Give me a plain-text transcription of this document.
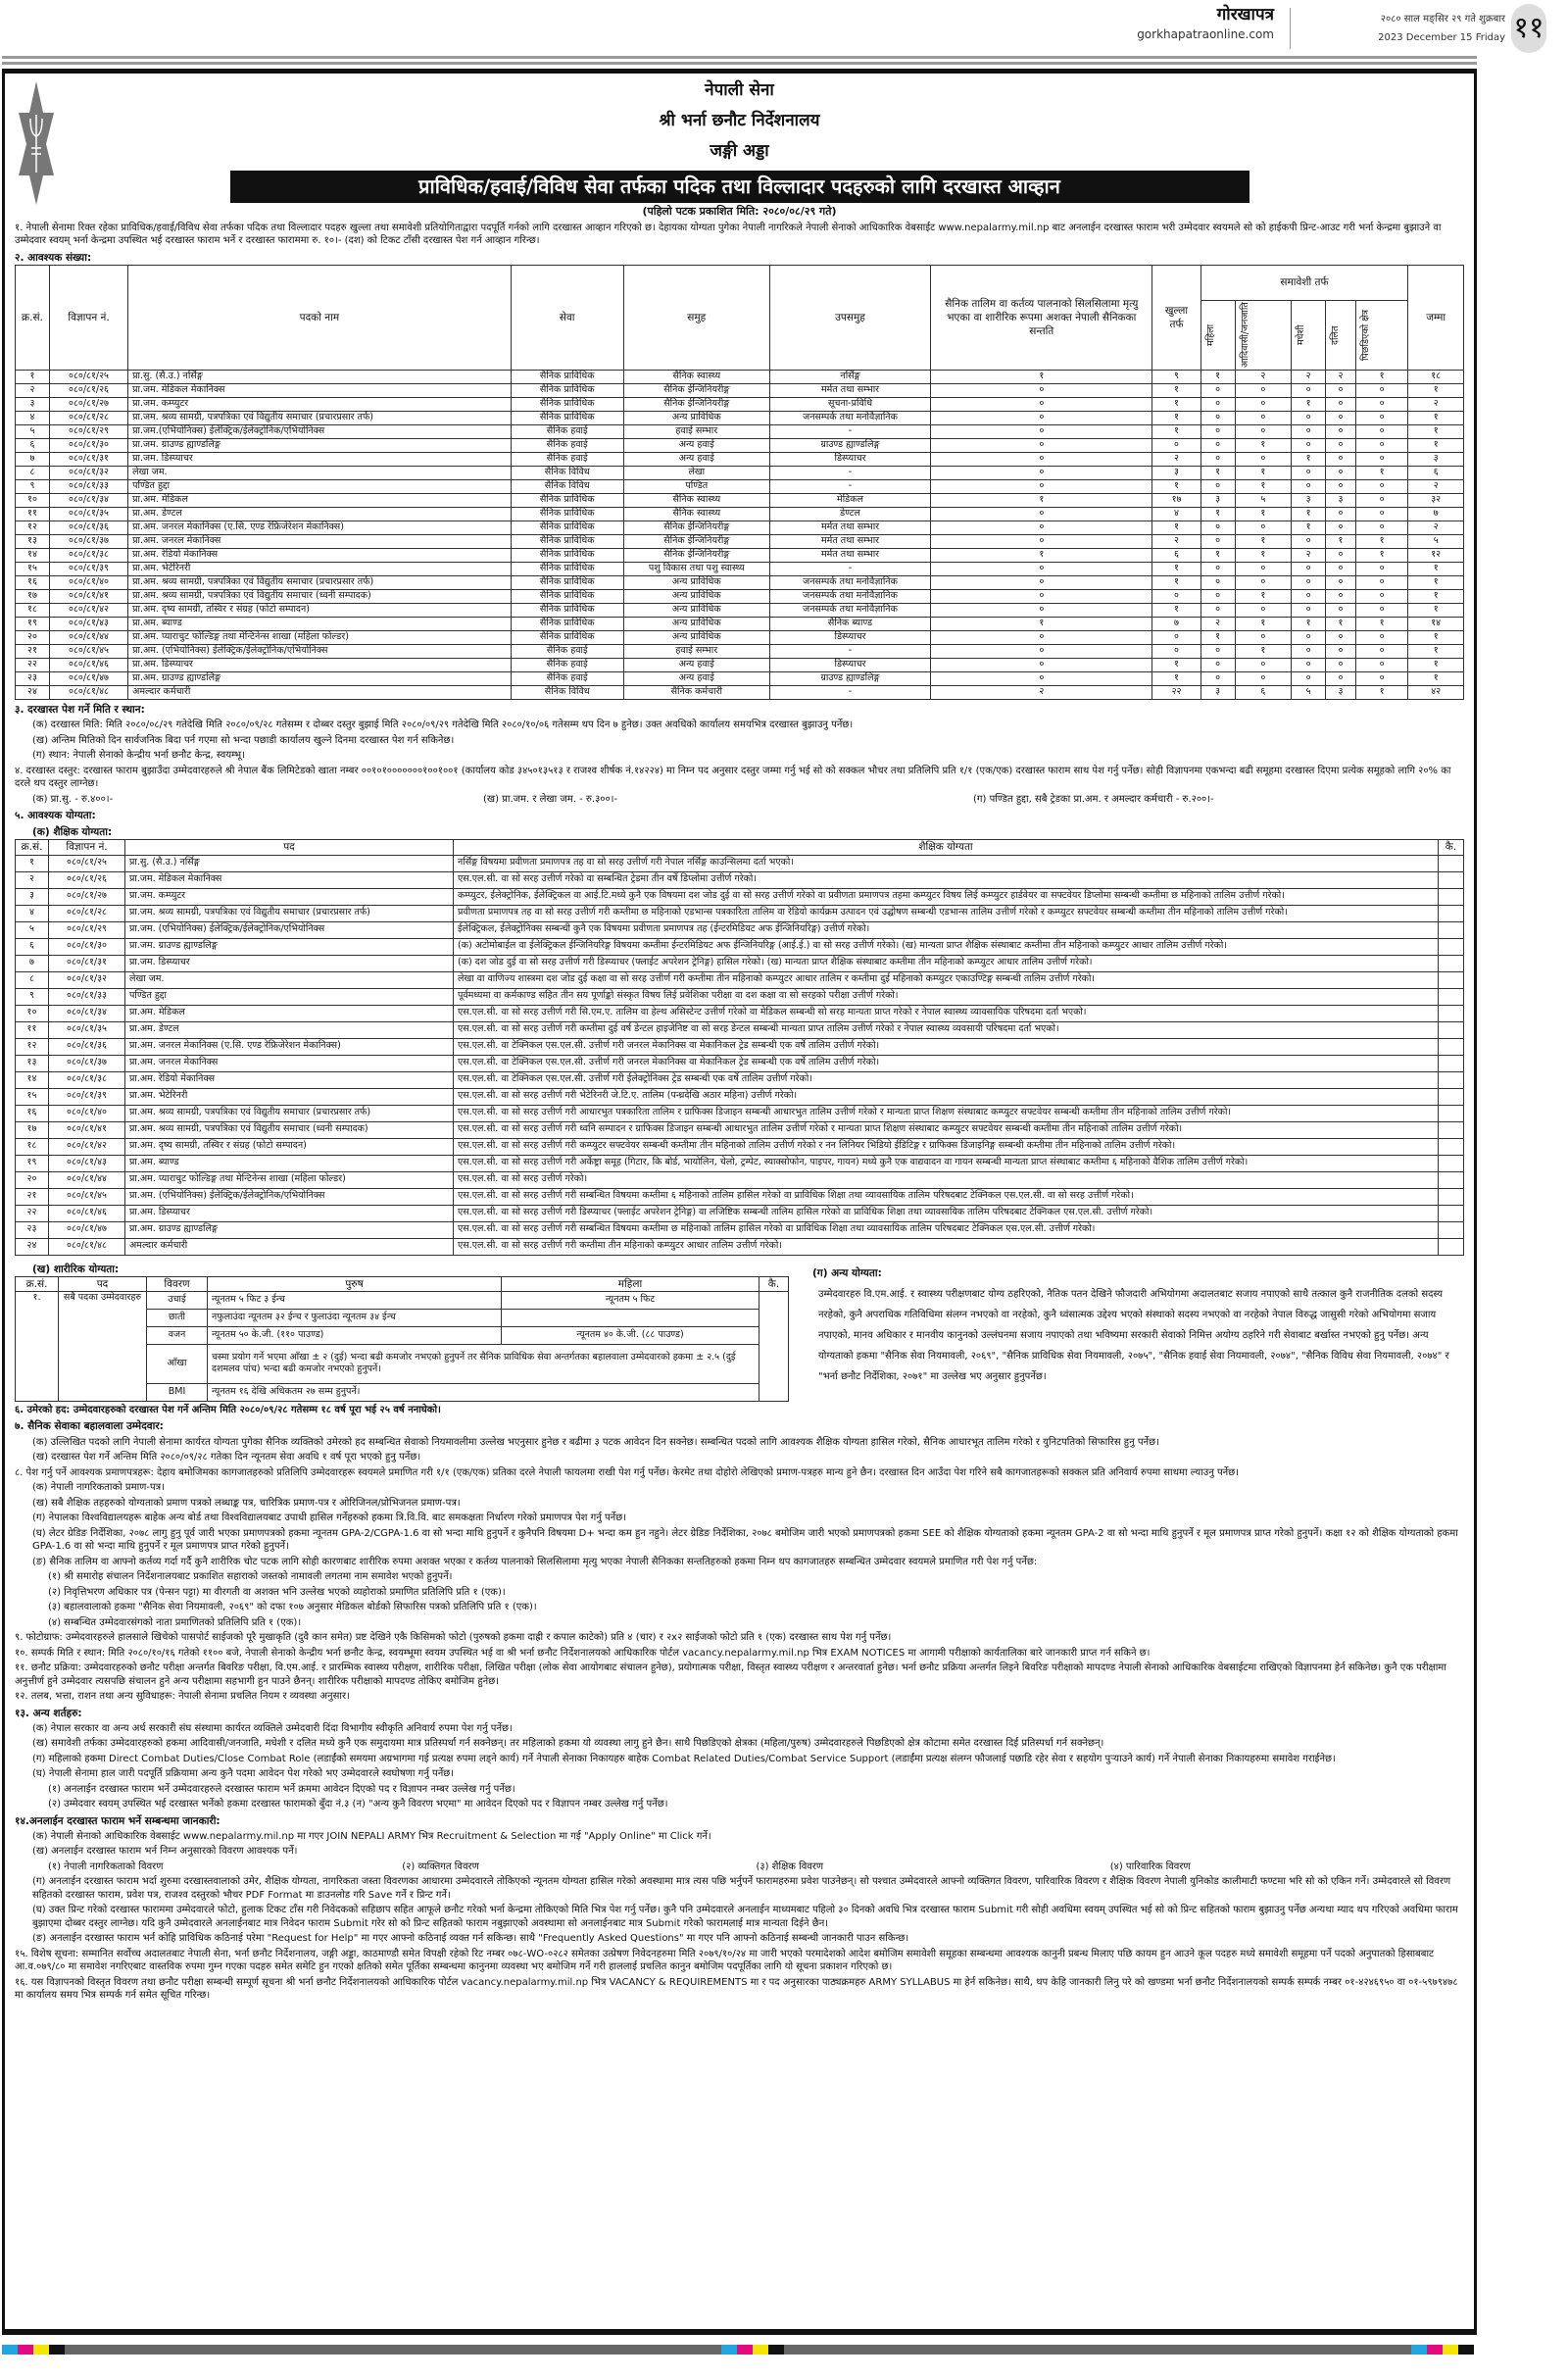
गोरखापत्र
gorkhapatraonline.com
२०८० साल मङ्सिर २९ गते शुक्रबार
2023 December 15 Friday ११
नेपाली सेना
श्री भर्ना छनौट निर्देशनालय
जङ्गी अड्डा
प्राविधिक/हवाई/विविध सेवा तर्फका पदिक तथा विल्लादार पदहरुको लागि दरखास्त आव्हान
(पहिलो पटक प्रकाशित मिति: २०८०/०८/२९ गते)

१. नेपाली सेनामा रिक्त रहेका प्राविधिक/हवाई/विविध सेवा तर्फका पदिक तथा विल्लादार पदहरु खुल्ला तथा समावेशी प्रतियोगिताद्वारा पदपूर्ति गर्नको लागि दरखास्त आव्हान गरिएको छ। देहायका योग्यता पुगेका नेपाली नागरिकले नेपाली सेनाको आधिकारिक वेबसाईट www.nepalarmy.mil.np बाट अनलाईन दरखास्त फाराम भरी उम्मेदवार स्वयमले सो को हाईकपी प्रिन्ट-आउट गरी भर्ना केन्द्रमा बुझाउने वा उम्मेदवार स्वयम् भर्ना केन्द्रमा उपस्थित भई दरखास्त फाराम भर्ने र दरखास्त फाराममा रु. १०।- (दश) को टिकट टाँसी दरखास्त पेश गर्न आव्हान गरिन्छ।

२. आवश्यक संख्या:
क्र.सं.	विज्ञापन नं.	पदको नाम	सेवा	समुह	उपसमुह	सैनिक तालिम वा कर्तव्य पालनाको सिलसिलामा मृत्यु भएका वा शारीरिक रूपमा अशक्त नेपाली सैनिकका सन्तति	खुल्ला तर्फ	समावेशी तर्फ					जम्मा

								महिला	आदिवासी/जनजाति	मधेशी	दलित	पिछडिएको क्षेत्र	

१	०८०/८१/२५	प्रा.सु. (सै.उ.) नर्सिङ्ग	सैनिक प्राविधिक	सैनिक स्वास्थ्य	नर्सिङ्ग	१	९	१	२	२	२	१	१८
२	०८०/८१/२६	प्रा.जम. मेडिकल मेकानिक्स	सैनिक प्राविधिक	सैनिक ईन्जिनियरीङ्ग	मर्मत तथा सम्भार	०	१	०	०	०	०	०	१
३	०८०/८१/२७	प्रा.जम. कम्प्युटर	सैनिक प्राविधिक	सैनिक ईन्जिनियरीङ्ग	सूचना-प्रविधि	०	१	०	०	१	०	०	२
४	०८०/८१/२८	प्रा.जम. श्रव्य सामग्री, पत्रपत्रिका एवं विद्युतीय समाचार (प्रचारप्रसार तर्फ)	सैनिक प्राविधिक	अन्य प्राविधिक	जनसम्पर्क तथा मनोवैज्ञानिक	०	१	०	०	०	०	०	१
५	०८०/८१/२९	प्रा.जम.(एभियोनिक्स) ईलेक्ट्रिक/ईलेक्ट्रोनिक/एभियोनिक्स	सैनिक हवाई	हवाई सम्भार	-	०	१	०	०	०	०	०	१
६	०८०/८१/३०	प्रा.जम. ग्राउण्ड ह्याण्डलिङ्ग	सैनिक हवाई	अन्य हवाई	ग्राउण्ड ह्याण्डलिङ्ग	०	०	०	१	०	०	०	१
७	०८०/८१/३१	प्रा.जम. डिस्प्याचर	सैनिक हवाई	अन्य हवाई	डिस्प्याचर	०	२	०	०	१	०	०	३
८	०८०/८१/३२	लेखा जम.	सैनिक विविध	लेखा	-	०	३	१	१	०	०	१	६
९	०८०/८१/३३	पण्डित हुद्दा	सैनिक विविध	पण्डित	-	०	१	०	१	०	०	०	२
१०	०८०/८१/३४	प्रा.अम. मेडिकल	सैनिक प्राविधिक	सैनिक स्वास्थ्य	मेडिकल	१	१७	३	५	३	३	०	३२
११	०८०/८१/३५	प्रा.अम. डेण्टल	सैनिक प्राविधिक	सैनिक स्वास्थ्य	डेण्टल	०	४	१	१	१	०	०	७
१२	०८०/८१/३६	प्रा.अम. जनरल मेकानिक्स (ए.सि. एण्ड रेफ्रिजेरेशन मेकानिक्स)	सैनिक प्राविधिक	सैनिक ईन्जिनियरीङ्ग	मर्मत तथा सम्भार	०	१	०	०	१	०	०	२
१३	०८०/८१/३७	प्रा.अम. जनरल मेकानिक्स	सैनिक प्राविधिक	सैनिक ईन्जिनियरीङ्ग	मर्मत तथा सम्भार	०	२	०	१	०	१	१	५
१४	०८०/८१/३८	प्रा.अम. रेडियो मेकानिक्स	सैनिक प्राविधिक	सैनिक ईन्जिनियरीङ्ग	मर्मत तथा सम्भार	१	६	१	१	२	०	१	१२
१५	०८०/८१/३९	प्रा.अम. भेटेरिनरी	सैनिक प्राविधिक	पशु विकास तथा पशु स्वास्थ्य	-	०	१	०	०	०	०	०	१
१६	०८०/८१/४०	प्रा.अम. श्रव्य सामग्री, पत्रपत्रिका एवं विद्युतीय समाचार (प्रचारप्रसार तर्फ)	सैनिक प्राविधिक	अन्य प्राविधिक	जनसम्पर्क तथा मनोवैज्ञानिक	०	१	०	०	०	०	०	१
१७	०८०/८१/४१	प्रा.अम. श्रव्य सामग्री, पत्रपत्रिका एवं विद्युतीय समाचार (ध्वनी सम्पादक)	सैनिक प्राविधिक	अन्य प्राविधिक	जनसम्पर्क तथा मनोवैज्ञानिक	०	०	०	१	०	०	०	१
१८	०८०/८१/४२	प्रा.अम. दृष्य सामग्री, तस्विर र संग्रह (फोटो सम्पादन)	सैनिक प्राविधिक	अन्य प्राविधिक	जनसम्पर्क तथा मनोवैज्ञानिक	०	१	०	०	०	०	०	१
१९	०८०/८१/४३	प्रा.अम. ब्याण्ड	सैनिक प्राविधिक	अन्य प्राविधिक	सैनिक ब्याण्ड	१	७	२	१	१	१	१	१४
२०	०८०/८१/४४	प्रा.अम. प्याराचुट फोल्डिङ्ग तथा मेन्टिनेन्स शाखा (महिला फोल्डर)	सैनिक प्राविधिक	अन्य प्राविधिक	डिस्प्याचर	०	०	१	०	०	०	०	१
२१	०८०/८१/४५	प्रा.अम. (एभियोनिक्स) ईलेक्ट्रिक/ईलेक्ट्रोनिक/एभियोनिक्स	सैनिक हवाई	हवाई सम्भार	-	०	०	०	१	०	०	०	१
२२	०८०/८१/४६	प्रा.अम. डिस्प्याचर	सैनिक हवाई	अन्य हवाई	डिस्प्याचर	०	१	०	०	०	०	०	१
२३	०८०/८१/४७	प्रा.अम. ग्राउण्ड ह्याण्डलिङ्ग	सैनिक हवाई	अन्य हवाई	ग्राउण्ड ह्याण्डलिङ्ग	०	१	०	०	०	०	०	१
२४	०८०/८१/४८	अमल्दार कर्मचारी	सैनिक विविध	सैनिक कर्मचारी	-	२	२२	३	६	५	३	१	४२
३. दरखास्त पेश गर्ने मिति र स्थान:

(क) दरखास्त मिति: मिति २०८०/०८/२९ गतेदेखि मिति २०८०/०९/२८ गतेसम्म र दोब्बर दस्तुर बुझाई मिति २०८०/०९/२९ गतेदेखि मिति २०८०/१०/०६ गतेसम्म थप दिन ७ हुनेछ। उक्त अवधिको कार्यालय समयभित्र दरखास्त बुझाउनु पर्नेछ।

(ख) अन्तिम मितिको दिन सार्वजनिक बिदा पर्न गएमा सो भन्दा पछाडी कार्यालय खुल्ने दिनमा दरखास्त पेश गर्न सकिनेछ।

(ग) स्थान: नेपाली सेनाको केन्द्रीय भर्ना छनौट केन्द्र, स्वयम्भू।

४. दरखास्त दस्तुर: दरखास्त फाराम बुझाउँदा उम्मेदवारहरुले श्री नेपाल बैंक लिमिटेडको खाता नम्बर ००१०१०००००००१००१००१ (कार्यालय कोड ३४५०१३५१३ र राजश्व शीर्षक नं.१४२२४) मा निम्न पद अनुसार दस्तुर जम्मा गर्नु भई सो को सक्कल भौचर तथा प्रतिलिपि प्रति १/१ (एक/एक) दरखास्त फाराम साथ पेश गर्नु पर्नेछ। सोही विज्ञापनमा एकभन्दा बढी समूहमा दरखास्त दिएमा प्रत्येक समूहको लागि २०% का दरले थप दस्तुर लाग्नेछ।

(क) प्रा.सु. - रु.४००।-	(ख) प्रा.जम. र लेखा जम. - रु.३००।-	(ग) पण्डित हुद्दा, सबै ट्रेडका प्रा.अम. र अमल्दार कर्मचारी - रु.२००।-
५. आवश्यक योग्यता:
(क) शैक्षिक योग्यता:
क्र.सं.	विज्ञापन नं.	पद	शैक्षिक योग्यता	कै.
१	०८०/८१/२५	प्रा.सु. (सै.उ.) नर्सिङ्ग	नर्सिङ्ग विषयमा प्रवीणता प्रमाणपत्र तह वा सो सरह उत्तीर्ण गरी नेपाल नर्सिङ्ग काउन्सिलमा दर्ता भएको।	
२	०८०/८१/२६	प्रा.जम. मेडिकल मेकानिक्स	एस.एल.सी. वा सो सरह उत्तीर्ण गरेको वा सम्बन्धित ट्रेडमा तीन वर्षे डिप्लोमा उत्तीर्ण गरेको।	
३	०८०/८१/२७	प्रा.जम. कम्प्युटर	कम्प्युटर, ईलेक्ट्रोनिक, ईलेक्ट्रिकल वा आई.टि.मध्ये कुनै एक विषयमा दश जोड दुई वा सो सरह उत्तीर्ण गरेको वा प्रवीणता प्रमाणपत्र तहमा कम्प्युटर विषय लिई कम्प्युटर हार्डवेयर वा सफ्टवेयर डिप्लोमा सम्बन्धी कम्तीमा छ महिनाको तालिम उत्तीर्ण गरेको।	
४	०८०/८१/२८	प्रा.जम. श्रव्य सामग्री, पत्रपत्रिका एवं विद्युतीय समाचार (प्रचारप्रसार तर्फ)	प्रवीणता प्रमाणपत्र तह वा सो सरह उत्तीर्ण गरी कम्तीमा छ महिनाको एडभान्स पत्रकारिता तालिम वा रेडियो कार्यक्रम उत्पादन एवं उद्घोषण सम्बन्धी एडभान्स तालिम उत्तीर्ण गरेको र कम्प्युटर सफ्टवेयर सम्बन्धी कम्तीमा तीन महिनाको तालिम उत्तीर्ण गरेको।	
५	०८०/८१/२९	प्रा.जम. (एभियोनिक्स) ईलेक्ट्रिक/ईलेक्ट्रोनिक/एभियोनिक्स	ईलेक्ट्रिकल, ईलेक्ट्रोनिक्स सम्बन्धी कुनै एक विषयमा प्रवीणता प्रमाणपत्र तह (ईन्टरमिडियट अफ ईन्जिनियरिङ्ग) उत्तीर्ण गरेको।	
६	०८०/८१/३०	प्रा.जम. ग्राउण्ड ह्याण्डलिङ्ग	(क) अटोमोबाईल वा ईलेक्ट्रिकल ईन्जिनियरिङ्ग विषयमा कम्तीमा ईन्टरमिडियट अफ ईन्जिनियरिङ्ग (आई.ई.) वा सो सरह उत्तीर्ण गरेको। (ख) मान्यता प्राप्त शैक्षिक संस्थाबाट कम्तीमा तीन महिनाको कम्प्युटर आधार तालिम उत्तीर्ण गरेको।	
७	०८०/८१/३१	प्रा.जम. डिस्प्याचर	(क) दश जोड दुई वा सो सरह उत्तीर्ण गरी डिस्प्याचर (फ्लाईट अपरेशन ट्रेनिङ्ग) हासिल गरेको। (ख) मान्यता प्राप्त शैक्षिक संस्थाबाट कम्तीमा तीन महिनाको कम्प्युटर आधार तालिम उत्तीर्ण गरेको।	
८	०८०/८१/३२	लेखा जम.	लेखा वा वाणिज्य शास्त्रमा दश जोड दुई कक्षा वा सो सरह उत्तीर्ण गरी कम्तीमा तीन महिनाको कम्प्युटर आधार तालिम र कम्तीमा दुई महिनाको कम्प्युटर एकाउण्टिङ्ग सम्बन्धी तालिम उत्तीर्ण गरेको।	
९	०८०/८१/३३	पण्डित हुद्दा	पूर्वमध्यमा वा कर्मकाण्ड सहित तीन सय पूर्णाङ्को संस्कृत विषय लिई प्रवेशिका परीक्षा वा दश कक्षा वा सो सरहको परीक्षा उत्तीर्ण गरेको।	
१०	०८०/८१/३४	प्रा.अम. मेडिकल	एस.एल.सी. वा सो सरह उत्तीर्ण गरी सि.एम.ए. तालिम वा हेल्थ असिस्टेन्ट उत्तीर्ण गरेको वा मेडिकल सम्बन्धी सो सरह मान्यता प्राप्त गरेको र नेपाल स्वास्थ्य व्यावसायिक परिषदमा दर्ता भएको।	
११	०८०/८१/३५	प्रा.अम. डेण्टल	एस.एल.सी. वा सो सरह उत्तीर्ण गरी कम्तीमा दुई वर्ष डेन्टल हाइजेनिष्ट वा सो सरह डेन्टल सम्बन्धी मान्यता प्राप्त तालिम उत्तीर्ण गरेको र नेपाल स्वास्थ्य व्यवसायी परिषदमा दर्ता भएको।	
१२	०८०/८१/३६	प्रा.अम. जनरल मेकानिक्स (ए.सि. एण्ड रेफ्रिजेरेशन मेकानिक्स)	एस.एल.सी. वा टेक्निकल एस.एल.सी. उत्तीर्ण गरी जनरल मेकानिक्स वा मेकानिकल ट्रेड सम्बन्धी एक वर्षे तालिम उत्तीर्ण गरेको।	
१३	०८०/८१/३७	प्रा.अम. जनरल मेकानिक्स	एस.एल.सी. वा टेक्निकल एस.एल.सी. उत्तीर्ण गरी जनरल मेकानिक्स वा मेकानिकल ट्रेड सम्बन्धी एक वर्षे तालिम उत्तीर्ण गरेको।	
१४	०८०/८१/३८	प्रा.अम. रेडियो मेकानिक्स	एस.एल.सी. वा टेक्निकल एस.एल.सी. उत्तीर्ण गरी ईलेक्ट्रोनिक्स ट्रेड सम्बन्धी एक वर्षे तालिम उत्तीर्ण गरेको।	
१५	०८०/८१/३९	प्रा.अम. भेटेरिनरी	एस.एल.सी. वा सो सरह उत्तीर्ण गरी भेटेरिनरी जे.टि.ए. तालिम (पन्ध्रदेखि अठार महिना) उत्तीर्ण गरेको।	
१६	०८०/८१/४०	प्रा.अम. श्रव्य सामग्री, पत्रपत्रिका एवं विद्युतीय समाचार (प्रचारप्रसार तर्फ)	एस.एल.सी. वा सो सरह उत्तीर्ण गरी आधारभुत पत्रकारिता तालिम र ग्राफिक्स डिजाइन सम्बन्धी आधारभुत तालिम उत्तीर्ण गरेको र मान्यता प्राप्त शिक्षण संस्थाबाट कम्प्युटर सफ्टवेयर सम्बन्धी कम्तीमा तीन महिनाको तालिम उत्तीर्ण गरेको।	
१७	०८०/८१/४१	प्रा.अम. श्रव्य सामग्री, पत्रपत्रिका एवं विद्युतीय समाचार (ध्वनी सम्पादक)	एस.एल.सी. वा सो सरह उत्तीर्ण गरी ध्वनि सम्पादन र ग्राफिक्स डिजाइन सम्बन्धी आधारभुत तालिम उत्तीर्ण गरेको र मान्यता प्राप्त शिक्षण संस्थाबाट कम्प्युटर सफ्टवेयर सम्बन्धी कम्तीमा तीन महिनाको तालिम उत्तीर्ण गरेको।	
१८	०८०/८१/४२	प्रा.अम. दृष्य सामग्री, तस्विर र संग्रह (फोटो सम्पादन)	एस.एल.सी. वा सो सरह उत्तीर्ण गरी कम्प्युटर सफ्टवेयर सम्बन्धी कम्तीमा तीन महिनाको तालिम उत्तीर्ण गरेको र नन लिनियर भिडियो ईडिटिङ्ग र ग्राफिक्स डिजाइनिङ्ग सम्बन्धी कम्तीमा तीन महिनाको तालिम उत्तीर्ण गरेको।	
१९	०८०/८१/४३	प्रा.अम. ब्याण्ड	एस.एल.सी. वा सो सरह उत्तीर्ण गरी अर्केष्ट्रा समूह (गिटार, कि बोर्ड, भायोलिन, चेलो, ट्रम्पेट, स्याक्सोफोन, पाइपर, गायन) मध्ये कुनै एक वाद्यवादन वा गायन सम्बन्धी मान्यता प्राप्त संस्थाबाट कम्तीमा ६ महिनाको वैशिक तालिम उत्तीर्ण गरेको।	
२०	०८०/८१/४४	प्रा.अम. प्याराचुट फोल्डिङ्ग तथा मेन्टिनेन्स शाखा (महिला फोल्डर)	एस.एल.सी. वा सो सरह उत्तीर्ण गरेको।	
२१	०८०/८१/४५	प्रा.अम. (एभियोनिक्स) ईलेक्ट्रिक/ईलेक्ट्रोनिक/एभियोनिक्स	एस.एल.सी. वा सो सरह उत्तीर्ण गरी सम्बन्धित विषयमा कम्तीमा ६ महिनाको तालिम हासिल गरेको वा प्राविधिक शिक्षा तथा व्यावसायिक तालिम परिषदबाट टेक्निकल एस.एल.सी. वा सो सरह उत्तीर्ण गरेको।	
२२	०८०/८१/४६	प्रा.अम. डिस्प्याचर	एस.एल.सी. वा सो सरह उत्तीर्ण गरी डिस्प्याचर (फ्लाईट अपरेशन ट्रेनिङ्ग) वा लजिष्टिक सम्बन्धी तालिम हासिल गरेको वा प्राविधिक शिक्षा तथा व्यावसायिक तालिम परिषदबाट टेक्निकल एस.एल.सी. उत्तीर्ण गरेको।	
२३	०८०/८१/४७	प्रा.अम. ग्राउण्ड ह्याण्डलिङ्ग	एस.एल.सी. वा सो सरह उत्तीर्ण गरी सम्बन्धित विषयमा कम्तीमा छ महिनाको तालिम हासिल गरेको वा प्राविधिक शिक्षा तथा व्यावसायिक तालिम परिषदबाट टेक्निकल एस.एल.सी. उत्तीर्ण गरेको।	
२४	०८०/८१/४८	अमल्दार कर्मचारी	एस.एल.सी. वा सो सरह उत्तीर्ण गरी कम्तीमा तीन महिनाको कम्प्युटर आधार तालिम उत्तीर्ण गरेको।	
(ख) शारीरिक योग्यता:
क्र.सं.	पद	विवरण	पुरुष	महिला	कै.
१.	सबै पदका उम्मेदवारहरु	उचाई	न्यूनतम ५ फिट ३ ईन्च	न्यूनतम ५ फिट	
		छाती	नफुलाउंदा न्यूनतम ३२ ईन्च र फुलाउंदा न्यूनतम ३४ ईन्च		
		वजन	न्यूनतम ५० के.जी. (११० पाउण्ड)	न्यूनतम ४० के.जी. (८८ पाउण्ड)	
		आँखा	चस्मा प्रयोग गर्ने भएमा आँखा ± २ (दुई) भन्दा बढी कमजोर नभएको हुनुपर्ने तर सैनिक प्राविधिक सेवा अन्तर्गतका बहालवाला उम्मेदवारको हकमा ± २.५ (दुई दशमलव पांच) भन्दा बढी कमजोर नभएको हुनुपर्ने।		
		BMI	न्यूनतम १६ देखि अधिकतम २७ सम्म हुनुपर्ने।		
(ग) अन्य योग्यता:

उम्मेदवारहरु वि.एम.आई. र स्वास्थ्य परीक्षणबाट योग्य ठहरिएको, नैतिक पतन देखिने फौजदारी अभियोगमा अदालतबाट सजाय नपाएको साथै तत्काल कुनै राजनीतिक दलको सदस्य नरहेको, कुनै अपराधिक गतिविधिमा संलग्न नभएको वा नरहेको, कुनै ध्वंसात्मक उद्देश्य भएको संस्थाको सदस्य नभएको वा नरहेको नेपाल विरुद्ध जासुसी गरेको अभियोगमा सजाय नपाएको, मानव अधिकार र मानवीय कानुनको उल्लंघनमा सजाय नपाएको तथा भविष्यमा सरकारी सेवाको निमित्त अयोग्य ठहरिने गरी सेवाबाट बर्खास्त नभएको हुनु पर्नेछ। अन्य योग्यताको हकमा "सैनिक सेवा नियमावली, २०६९", "सैनिक प्राविधिक सेवा नियमावली, २०७५", "सैनिक हवाई सेवा नियमावली, २०७४", "सैनिक विविध सेवा नियमावली, २०७४" र "भर्ना छनौट निर्देशिका, २०७१" मा उल्लेख भए अनुसार हुनुपर्नेछ।

६. उमेरको हद: उम्मेदवारहरुको दरखास्त पेश गर्ने अन्तिम मिति २०८०/०९/२८ गतेसम्म १८ वर्ष पूरा भई २५ वर्ष ननाघेको।

७. सैनिक सेवाका बहालवाला उम्मेदवार:

(क) उल्लिखित पदको लागि नेपाली सेनामा कार्यरत योग्यता पुगेका सैनिक व्यक्तिको उमेरको हद सम्बन्धित सेवाको नियमावलीमा उल्लेख भएनुसार हुनेछ र बढीमा ३ पटक आवेदन दिन सक्नेछ। सम्बन्धित पदको लागि आवश्यक शैक्षिक योग्यता हासिल गरेको, सैनिक आधारभूत तालिम गरेको र युनिटपतिको सिफारिस हुनु पर्नेछ।

(ख) दरखास्त पेश गर्ने अन्तिम मिति २०८०/०९/२८ गतेका दिन न्यूनतम सेवा अवधि १ वर्ष पूरा भएको हुनु पर्नेछ।

८. पेश गर्नु पर्ने आवश्यक प्रमाणपत्रहरू: देहाय बमोजिमका कागजातहरुको प्रतिलिपि उम्मेदवारहरू स्वयमले प्रमाणित गरी १/१ (एक/एक) प्रतिका दरले नेपाली फायलमा राखी पेश गर्नु पर्नेछ। केरमेट तथा दोहोरो लेखिएको प्रमाण-पत्रहरु मान्य हुने छैन। दरखास्त दिन आउँदा पेश गरिने सबै कागजातहरूको सक्कल प्रति अनिवार्य रुपमा साथमा ल्याउनु पर्नेछ।

(क) नेपाली नागरिकताको प्रमाण-पत्र।

(ख) सबै शैक्षिक तहहरुको योग्यताको प्रमाण पत्रको लब्धाङ्क पत्र, चारित्रिक प्रमाण-पत्र र ओरिजिनल/प्रोभिजनल प्रमाण-पत्र।

(ग) नेपालका विश्वविद्यालयहरू बाहेक अन्य बोर्ड तथा विश्वविद्यालयबाट उपाधी हासिल गर्नेहरुको हकमा त्रि.वि.वि. बाट समकक्षता निर्धारण गरेको प्रमाणपत्र पेश गर्नु पर्नेछ।

(घ) लेटर ग्रेडिङ निर्देशिका, २०७८ लागु हुनु पूर्व जारी भएका प्रमाणपत्रको हकमा न्यूनतम GPA-2/CGPA-1.6 वा सो भन्दा माथि हुनुपर्ने र कुनैपनि विषयमा D+ भन्दा कम हुन नहुने। लेटर ग्रेडिङ निर्देशिका, २०७८ बमोजिम जारी भएको प्रमाणपत्रको हकमा SEE को शैक्षिक योग्यताको हकमा न्यूनतम GPA-2 वा सो भन्दा माथि हुनुपर्ने र मूल प्रमाणपत्र प्राप्त गरेको हुनुपर्ने। कक्षा १२ को शैक्षिक योग्यताको हकमा GPA-1.6 वा सो भन्दा माथि हुनुपर्ने र मूल प्रमाणपत्र प्राप्त गरेको हुनुपर्ने।

(ङ) सैनिक तालिम वा आफ्नो कर्तव्य गर्दा गर्दै कुनै शारीरिक चोट पटक लागि सोही कारणबाट शारीरिक रुपमा अशक्त भएका र कर्तव्य पालनाको सिलसिलामा मृत्यु भएका नेपाली सैनिकका सन्ततिहरुको हकमा निम्न थप कागजातहरु सम्बन्धित उम्मेदवार स्वयमले प्रमाणित गरी पेश गर्नु पर्नेछ:

(१) श्री समारोह संचालन निर्देशनालयबाट प्रकाशित सहाराको जस्तको नामावली लगतमा नाम समावेश भएको हुनुपर्ने।

(२) निवृत्तिभरण अधिकार पत्र (पेन्सन पट्टा) मा वीरगती वा अशक्त भनि उल्लेख भएको व्यहोराको प्रमाणित प्रतिलिपि प्रति १ (एक)।

(३) बहालवालाको हकमा "सैनिक सेवा नियमावली, २०६९" को दफा १०७ अनुसार मेडिकल बोर्डको सिफारिस पत्रको प्रतिलिपि प्रति १ (एक)।

(४) सम्बन्धित उम्मेदवारसंगको नाता प्रमाणितको प्रतिलिपि प्रति १ (एक)।

९. फोटोग्राफ: उम्मेदवारहरुले हालसाले खिचेको पासपोर्ट साईजको पूरै मुखाकृति (दुवै कान समेत) प्रष्ट देखिने एकै किसिमको फोटो (पुरुषको हकमा दाह्री र कपाल काटेको) प्रति ४ (चार) र २x२ साईजको फोटो प्रति १ (एक) दरखास्त साथ पेश गर्नु पर्नेछ।

१०. सम्पर्क मिति र स्थान: मिति २०८०/१०/१६ गतेको ११०० बजे, नेपाली सेनाको केन्द्रीय भर्ना छनौट केन्द्र, स्वयम्भूमा स्वयम उपस्थित भई वा श्री भर्ना छनौट निर्देशनालयको आधिकारिक पोर्टल vacancy.nepalarmy.mil.np भित्र EXAM NOTICES मा आगामी परीक्षाको कार्यतालिका बारे जानकारी प्राप्त गर्न सकिने छ।

११. छनौट प्रक्रिया: उम्मेदवारहरुको छनौट परीक्षा अन्तर्गत बिवरिङ परीक्षा, वि.एम.आई. र प्रारम्भिक स्वास्थ्य परीक्षण, शारीरिक परीक्षा, लिखित परीक्षा (लोक सेवा आयोगबाट संचालन हुनेछ), प्रयोगात्मक परीक्षा, विस्तृत स्वास्थ्य परीक्षण र अन्तरवार्ता हुनेछ। भर्ना छनौट प्रक्रिया अन्तर्गत लिइने बिवरिङ परीक्षाको मापदण्ड नेपाली सेनाको आधिकारिक वेबसाईटमा राखिएको विज्ञापनमा हेर्न सकिनेछ। कुनै एक परीक्षामा अनुत्तीर्ण हुने उम्मेदवार त्यसपछि संचालन हुने अन्य परीक्षामा सहभागी हुन पाउने छैनन्। शारीरिक परीक्षाको मापदण्ड तोकिए बमोजिम हुनेछ।

१२. तलब, भत्ता, राशन तथा अन्य सुविधाहरू: नेपाली सेनामा प्रचलित नियम र व्यवस्था अनुसार।

१३. अन्य शर्तहरु:

(क) नेपाल सरकार वा अन्य अर्ध सरकारी संघ संस्थामा कार्यरत व्यक्तिले उम्मेदवारी दिंदा विभागीय स्वीकृति अनिवार्य रुपमा पेश गर्नु पर्नेछ।

(ख) समावेशी तर्फका उम्मेदवारहरुको हकमा आदिवासी/जनजाति, मधेशी र दलित मध्ये कुनै एक समुदायमा मात्र प्रतिस्पर्धा गर्न सक्नेछन्। तर महिलाको हकमा यो व्यवस्था लागु हुने छैन। साथै पिछडिएको क्षेत्रका (महिला/पुरुष) उम्मेदवारहरुले पिछडिएको क्षेत्र कोटामा समेत दरखास्त दिई प्रतिस्पर्धा गर्न सक्नेछन्।

(ग) महिलाको हकमा Direct Combat Duties/Close Combat Role (लडाईंको समयमा अग्रभागमा गई प्रत्यक्ष रुपमा लड्ने कार्य) गर्ने नेपाली सेनाका निकायहरु बाहेक Combat Related Duties/Combat Service Support (लडाईंमा प्रत्यक्ष संलग्न फौजलाई पछाडि रहेर सेवा र सहयोग पुर्‍याउने कार्य) गर्ने नेपाली सेनाका निकायहरुमा समावेश गराईनेछ।

(घ) नेपाली सेनामा हाल जारी पदपूर्ति प्रक्रियामा अन्य कुनै पदमा आवेदन पेश गरेको भए उम्मेदवारले स्वघोषणा गर्नु पर्नेछ।

(१) अनलाईन दरखास्त फाराम भर्ने उम्मेदवारहरुले दरखास्त फाराम भर्ने क्रममा आवेदन दिएको पद र विज्ञापन नम्बर उल्लेख गर्नु पर्नेछ।

(२) उम्मेदवार स्वयम् उपस्थित भई दरखास्त भर्नेको हकमा दरखास्त फारामको बुँदा नं.३ (न) "अन्य कुनै विवरण भएमा" मा आवेदन दिएको पद र विज्ञापन नम्बर उल्लेख गर्नु पर्नेछ।

१४.अनलाईन दरखास्त फाराम भर्ने सम्बन्धमा जानकारी:

(क) नेपाली सेनाको आधिकारिक वेबसाईट www.nepalarmy.mil.np मा गएर JOIN NEPALI ARMY भित्र Recruitment & Selection मा गई "Apply Online" मा Click गर्ने।

(ख) अनलाईन दरखास्त फाराम भर्न निम्न अनुसारको विवरण आवश्यक पर्ने।

(१) नेपाली नागरिकताको विवरण	(२) व्यक्तिगत विवरण	(३) शैक्षिक विवरण	(४) पारिवारिक विवरण

(ग) अनलाईन दरखास्त फाराम भर्दा शुरुमा दरखास्तवालाको उमेर, शैक्षिक योग्यता, नागरिकता जस्ता विवरणका आधारमा उम्मेदवारले तोकिएको न्यूनतम योग्यता हासिल गरेको अवस्थामा मात्र त्यस पछि भर्नुपर्ने फारामहरुमा प्रवेश पाउनेछन्। सो पश्चात उम्मेदवारले आफ्नो व्यक्तिगत विवरण, पारिवारिक विवरण र शैक्षिक विवरण नेपाली युनिकोड कालीमाटी फण्टमा भरि सो को एकिन गर्ने। उम्मेदवारले सो विवरण सहितको दरखास्त फाराम, प्रवेश पत्र, राजश्व दस्तुरको भौचर PDF Format मा डाउनलोड गरि Save गर्ने र प्रिन्ट गर्ने।

(घ) उक्त प्रिन्ट गरेको दरखास्त फाराममा उम्मेदवारले फोटो, हुलाक टिकट टाँस गरी निवेदकको सहिछाप सहित आफूले छनौट गरेको भर्ना केन्द्रमा तोकिएको मिति भित्र पेश गर्नु पर्नेछ। कुनै पनि उम्मेदवारले अनलाईन माध्यमबाट पहिलो ३० दिनको अवधि भित्र दरखास्त फाराम Submit गरी सोही अवधिमा स्वयम् उपस्थित भई सो को प्रिन्ट सहितको फाराम बुझाउनु पर्नेछ अन्यथा म्याद थप गरिएको अवधिमा फाराम बुझाएमा दोब्बर दस्तुर लाग्नेछ। यदि कुनै उम्मेदवारले अनलाईनबाट मात्र निवेदन फाराम Submit गरेर सो को प्रिन्ट सहितको फाराम नबुझाएको अवस्थामा सो अनलाईनबाट मात्र Submit गरेको फारामलाई मात्र मान्यता दिईने छैन।

(ङ) अनलाईन दरखास्त फाराम भर्न कोहि प्राविधिक कठिनाई परेमा "Request for Help" मा गएर आफ्नो कठिनाई व्यक्त गर्न सकिन्छ। साथै "Frequently Asked Questions" मा गएर पनि आफ्नो कठिनाई सम्बन्धी जानकारी पाउन सकिन्छ।

१५. विशेष सूचना: सम्मानित सर्वोच्च अदालतबाट नेपाली सेना, भर्ना छनौट निर्देशनालय, जङ्गी अड्डा, काठमाण्डौ समेत विपक्षी रहेको रिट नम्बर ०७८-WO-०२८२ समेतका उत्प्रेषण निवेदनहरुमा मिति २०७९/१०/२४ मा जारी भएको परमादेशको आदेश बमोजिम समावेशी समूहका सम्बन्धमा आवश्यक कानुनी प्रबन्ध मिलाए पछि कायम हुन आउने कूल पदहरु मध्ये समावेशी समूहमा पर्ने पदको अनुपातको हिसाबबाट आ.व.०७९/८० मा समावेश नगरिएबाट वास्तविक रुपमा गुम्न गएका पदहरु समेत समेटि हुन गएको क्षतिको समेत पूर्तिका सम्बन्धमा कानुनमा व्यवस्था भए बमोजिम गर्ने गरी हाललाई प्रचलित कानुन बमोजिम पदपूर्तिका लागि यो सूचना प्रकाशन गरिएको छ।

१६. यस विज्ञापनको विस्तृत विवरण तथा छनौट परीक्षा सम्बन्धी सम्पूर्ण सूचना श्री भर्ना छनौट निर्देशनालयको आधिकारिक पोर्टल vacancy.nepalarmy.mil.np भित्र VACANCY & REQUIREMENTS मा र पद अनुसारका पाठ्यक्रमहरु ARMY SYLLABUS मा हेर्न सकिनेछ। साथै, थप केहि जानकारी लिनु परे को खण्डमा भर्ना छनौट निर्देशनालयको सम्पर्क सम्पर्क नम्बर ०१-४२४६९५० वा ०१-५९७९४७८ मा कार्यालय समय भित्र सम्पर्क गर्न समेत सूचित गरिन्छ।
